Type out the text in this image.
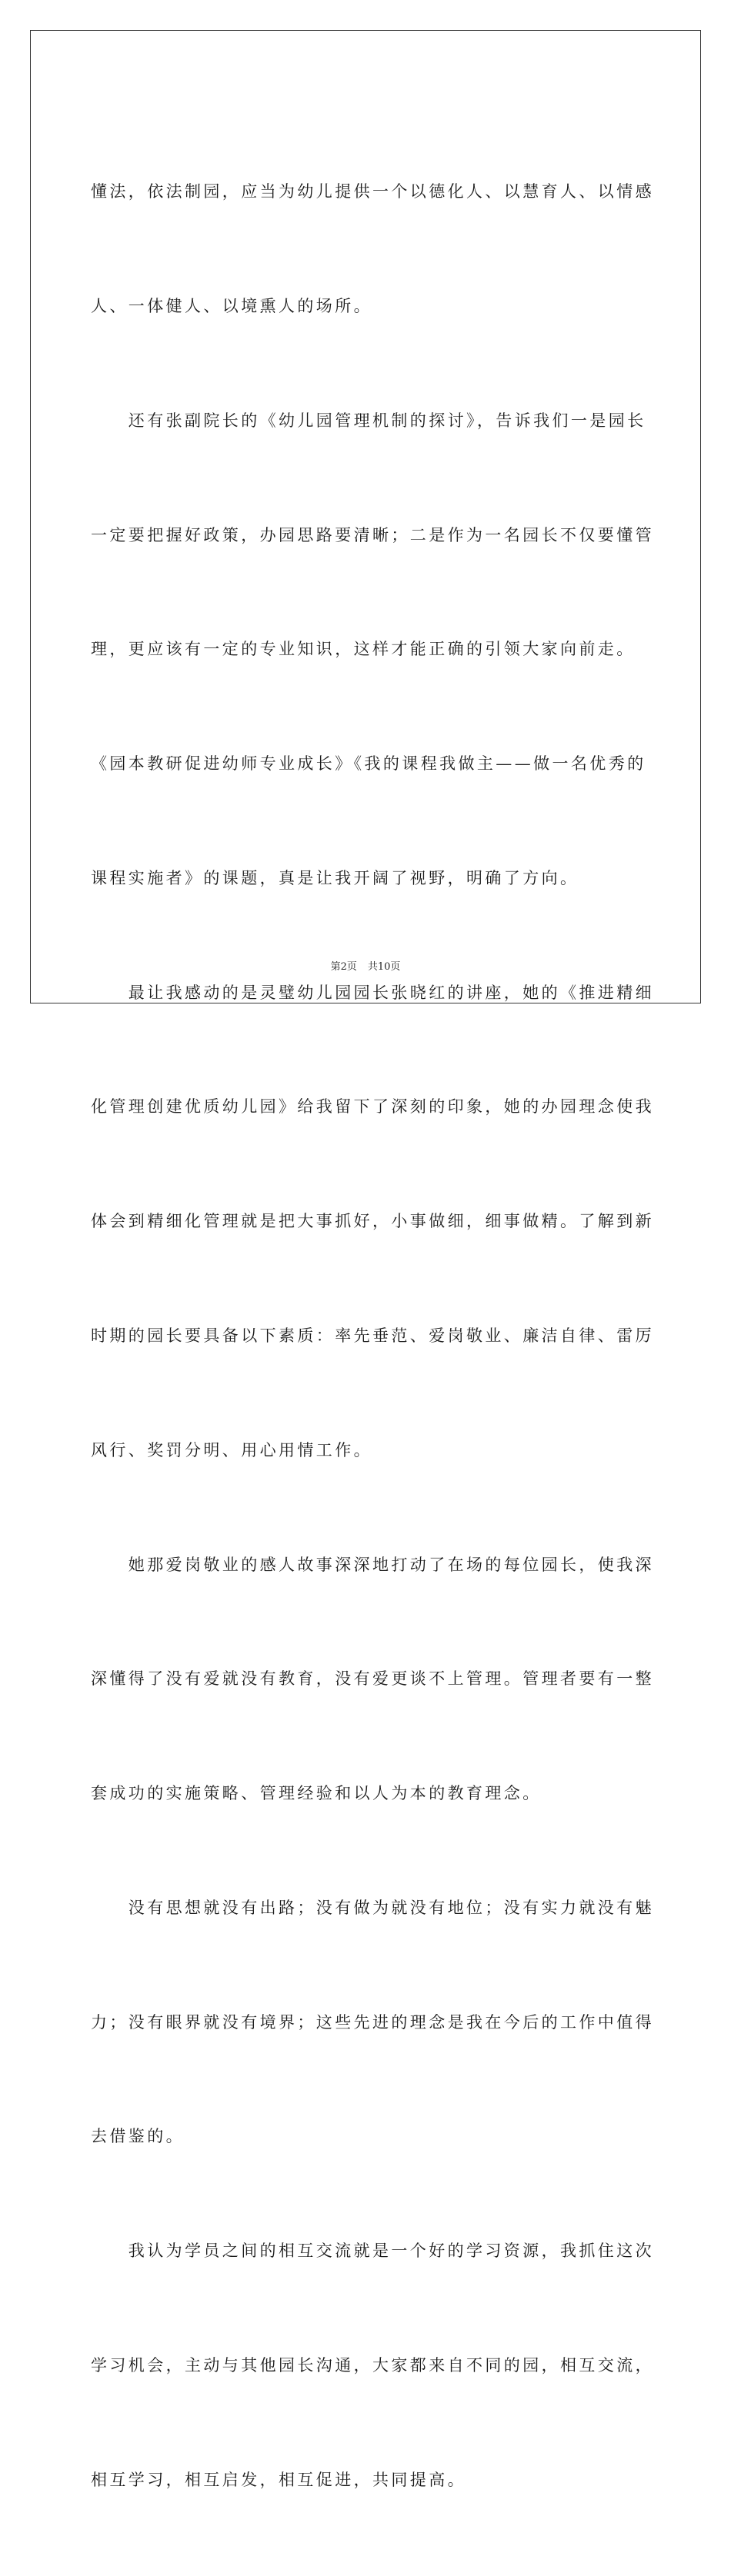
懂法，依法制园，应当为幼儿提供一个以德化人、以慧育人、以情感

人、一体健人、以境熏人的场所。

　　还有张副院长的《幼儿园管理机制的探讨》，告诉我们一是园长

一定要把握好政策，办园思路要清晰；二是作为一名园长不仅要懂管

理，更应该有一定的专业知识，这样才能正确的引领大家向前走。

《园本教研促进幼师专业成长》《我的课程我做主——做一名优秀的

课程实施者》的课题，真是让我开阔了视野，明确了方向。

　　最让我感动的是灵璧幼儿园园长张晓红的讲座，她的《推进精细

化管理创建优质幼儿园》给我留下了深刻的印象，她的办园理念使我

体会到精细化管理就是把大事抓好，小事做细，细事做精。了解到新

时期的园长要具备以下素质：率先垂范、爱岗敬业、廉洁自律、雷厉

风行、奖罚分明、用心用情工作。

　　她那爱岗敬业的感人故事深深地打动了在场的每位园长，使我深

深懂得了没有爱就没有教育，没有爱更谈不上管理。管理者要有一整

套成功的实施策略、管理经验和以人为本的教育理念。

　　没有思想就没有出路；没有做为就没有地位；没有实力就没有魅

力；没有眼界就没有境界；这些先进的理念是我在今后的工作中值得

去借鉴的。

　　我认为学员之间的相互交流就是一个好的学习资源，我抓住这次

学习机会，主动与其他园长沟通，大家都来自不同的园，相互交流，

相互学习，相互启发，相互促进，共同提高。

第2页 共10页
